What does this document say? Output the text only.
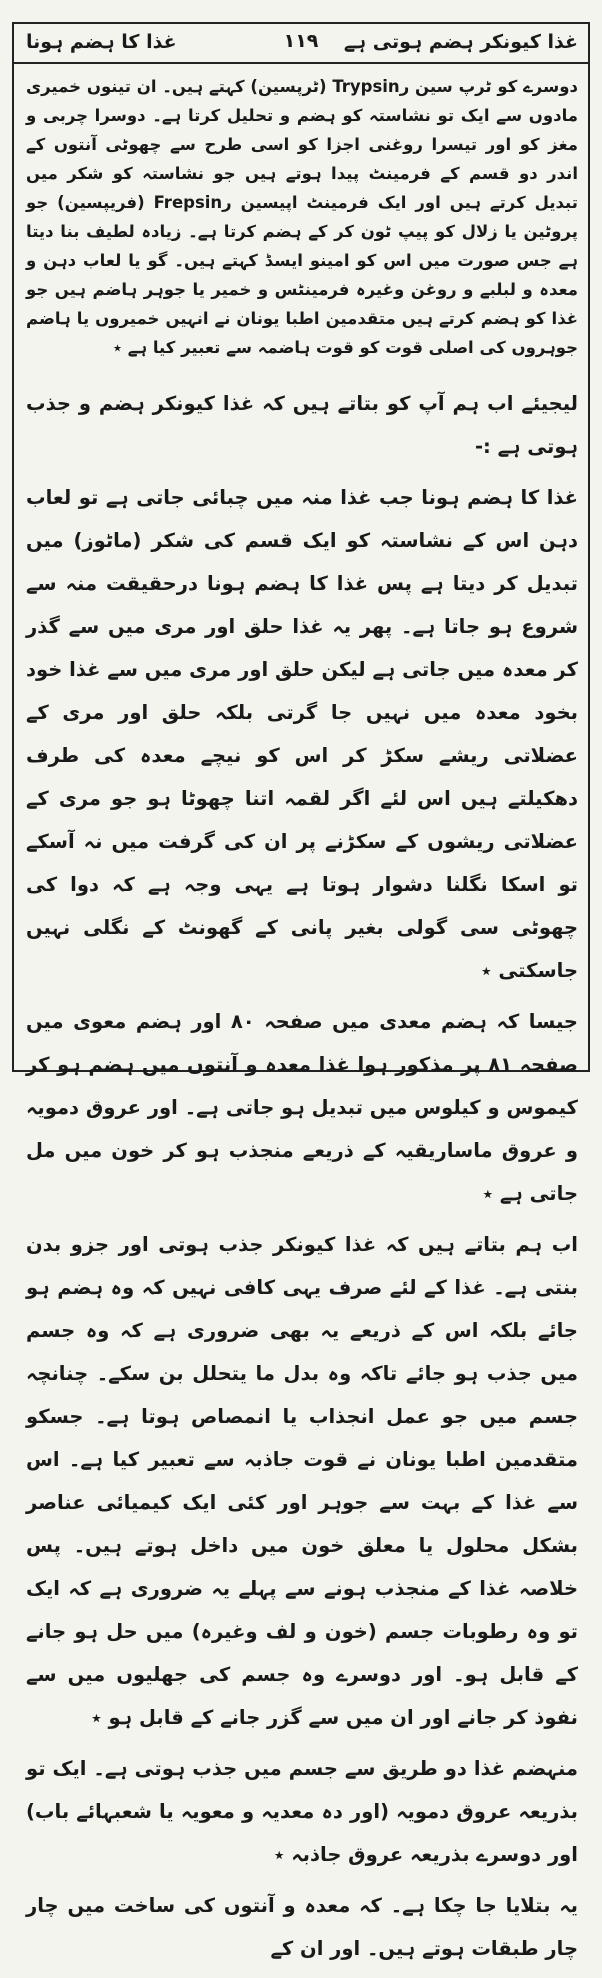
غذا کیونکر ہضم ہوتی ہے
۱۱۹
غذا کا ہضم ہونا

دوسرے کو ٹرپ سین رTrypsin (ٹرپسین) کہتے ہیں۔ ان تینوں خمیری مادوں سے ایک تو نشاستہ کو ہضم و تحلیل کرتا ہے۔ دوسرا چربی و مغز کو اور تیسرا روغنی اجزا کو اسی طرح سے چھوٹی آنتوں کے اندر دو قسم کے فرمینٹ پیدا ہوتے ہیں جو نشاستہ کو شکر میں تبدیل کرتے ہیں اور ایک فرمینٹ اپیسین رFrepsin (فریپسین) جو پروٹین یا زلال کو پیپ ٹون کر کے ہضم کرتا ہے۔ زیادہ لطیف بنا دیتا ہے جس صورت میں اس کو امینو ایسڈ کہتے ہیں۔ گو یا لعاب دہن و معدہ و لبلبے و روغن وغیرہ فرمینٹس و خمیر یا جوہر ہاضم ہیں جو غذا کو ہضم کرتے ہیں متقدمین اطبا یونان نے انہیں خمیروں یا ہاضم جوہروں کی اصلی قوت کو قوت ہاضمہ سے تعبیر کیا ہے ٭

لیجیئے اب ہم آپ کو بتاتے ہیں کہ غذا کیونکر ہضم و جذب ہوتی ہے :-

غذا کا ہضم ہونا جب غذا منہ میں چبائی جاتی ہے تو لعاب دہن اس کے نشاستہ کو ایک قسم کی شکر (ماٹوز) میں تبدیل کر دیتا ہے پس غذا کا ہضم ہونا درحقیقت منہ سے شروع ہو جاتا ہے۔ پھر یہ غذا حلق اور مری میں سے گذر کر معدہ میں جاتی ہے لیکن حلق اور مری میں سے غذا خود بخود معدہ میں نہیں جا گرتی بلکہ حلق اور مری کے عضلاتی ریشے سکڑ کر اس کو نیچے معدہ کی طرف دھکیلتے ہیں اس لئے اگر لقمہ اتنا چھوٹا ہو جو مری کے عضلاتی ریشوں کے سکڑنے پر ان کی گرفت میں نہ آسکے تو اسکا نگلنا دشوار ہوتا ہے یہی وجہ ہے کہ دوا کی چھوٹی سی گولی بغیر پانی کے گھونٹ کے نگلی نہیں جاسکتی ٭

جیسا کہ ہضم معدی میں صفحہ ۸۰ اور ہضم معوی میں صفحہ ۸۱ پر مذکور ہوا غذا معدہ و آنتوں میں ہضم ہو کر کیموس و کیلوس میں تبدیل ہو جاتی ہے۔ اور عروق دمویہ و عروق ماساریقیہ کے ذریعے منجذب ہو کر خون میں مل جاتی ہے ٭

اب ہم بتاتے ہیں کہ غذا کیونکر جذب ہوتی اور جزو بدن بنتی ہے۔ غذا کے لئے صرف یہی کافی نہیں کہ وہ ہضم ہو جائے بلکہ اس کے ذریعے یہ بھی ضروری ہے کہ وہ جسم میں جذب ہو جائے تاکہ وہ بدل ما یتحلل بن سکے۔ چنانچہ جسم میں جو عمل انجذاب یا انمصاص ہوتا ہے۔ جسکو متقدمین اطبا یونان نے قوت جاذبہ سے تعبیر کیا ہے۔ اس سے غذا کے بہت سے جوہر اور کئی ایک کیمیائی عناصر بشکل محلول یا معلق خون میں داخل ہوتے ہیں۔ پس خلاصہ غذا کے منجذب ہونے سے پہلے یہ ضروری ہے کہ ایک تو وہ رطوبات جسم (خون و لف وغیرہ) میں حل ہو جانے کے قابل ہو۔ اور دوسرے وہ جسم کی جھلیوں میں سے نفوذ کر جانے اور ان میں سے گزر جانے کے قابل ہو ٭

منہضم غذا دو طریق سے جسم میں جذب ہوتی ہے۔ ایک تو بذریعہ عروق دمویہ (اور دہ معدیہ و معویہ یا شعبہائے باب) اور دوسرے بذریعہ عروق جاذبہ ٭

یہ بتلایا جا چکا ہے۔ کہ معدہ و آنتوں کی ساخت میں چار چار طبقات ہوتے ہیں۔ اور ان کے
